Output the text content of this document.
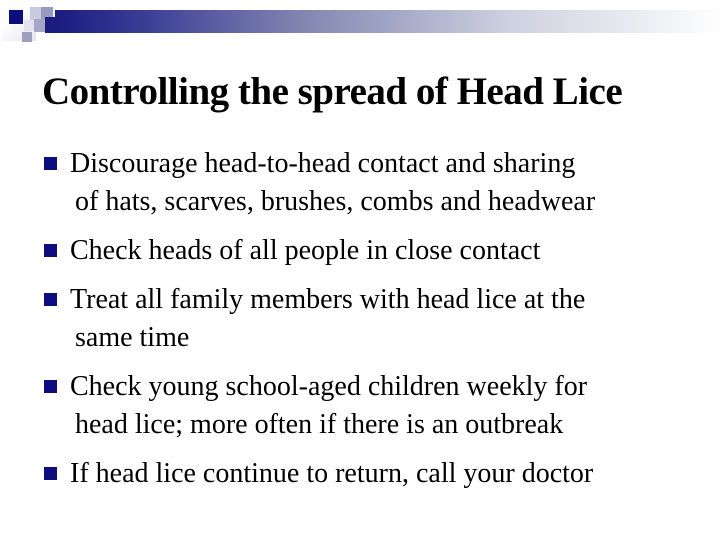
Controlling the spread of Head Lice
Discourage head-to-head contact and sharing
of hats, scarves, brushes, combs and headwear
Check heads of all people in close contact
Treat all family members with head lice at the
same time
Check young school-aged children weekly for
head lice; more often if there is an outbreak
If head lice continue to return, call your doctor
